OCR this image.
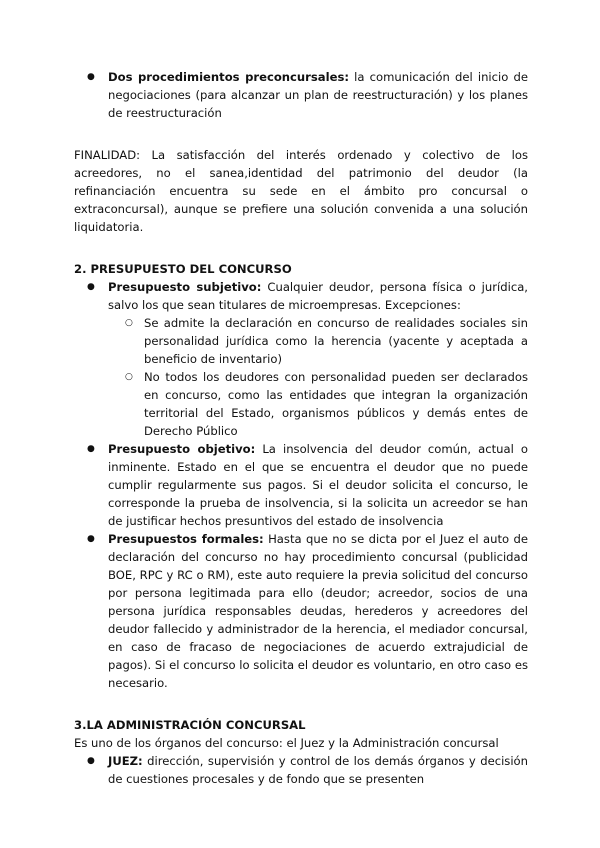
● Dos procedimientos preconcursales: la comunicación del inicio de negociaciones (para alcanzar un plan de reestructuración) y los planes de reestructuración

FINALIDAD: La satisfacción del interés ordenado y colectivo de los acreedores, no el sanea,identidad del patrimonio del deudor (la refinanciación encuentra su sede en el ámbito pro concursal o extraconcursal), aunque se prefiere una solución convenida a una solución liquidatoria.

2. PRESUPUESTO DEL CONCURSO
● Presupuesto subjetivo: Cualquier deudor, persona física o jurídica, salvo los que sean titulares de microempresas. Excepciones:
○ Se admite la declaración en concurso de realidades sociales sin personalidad jurídica como la herencia (yacente y aceptada a beneficio de inventario)
○ No todos los deudores con personalidad pueden ser declarados en concurso, como las entidades que integran la organización territorial del Estado, organismos públicos y demás entes de Derecho Público
● Presupuesto objetivo: La insolvencia del deudor común, actual o inminente. Estado en el que se encuentra el deudor que no puede cumplir regularmente sus pagos. Si el deudor solicita el concurso, le corresponde la prueba de insolvencia, si la solicita un acreedor se han de justificar hechos presuntivos del estado de insolvencia
● Presupuestos formales: Hasta que no se dicta por el Juez el auto de declaración del concurso no hay procedimiento concursal (publicidad BOE, RPC y RC o RM), este auto requiere la previa solicitud del concurso por persona legitimada para ello (deudor; acreedor, socios de una persona jurídica responsables deudas, herederos y acreedores del deudor fallecido y administrador de la herencia, el mediador concursal, en caso de fracaso de negociaciones de acuerdo extrajudicial de pagos). Si el concurso lo solicita el deudor es voluntario, en otro caso es necesario.
3.LA ADMINISTRACIÓN CONCURSAL

Es uno de los órganos del concurso: el Juez y la Administración concursal

● JUEZ: dirección, supervisión y control de los demás órganos y decisión de cuestiones procesales y de fondo que se presenten
